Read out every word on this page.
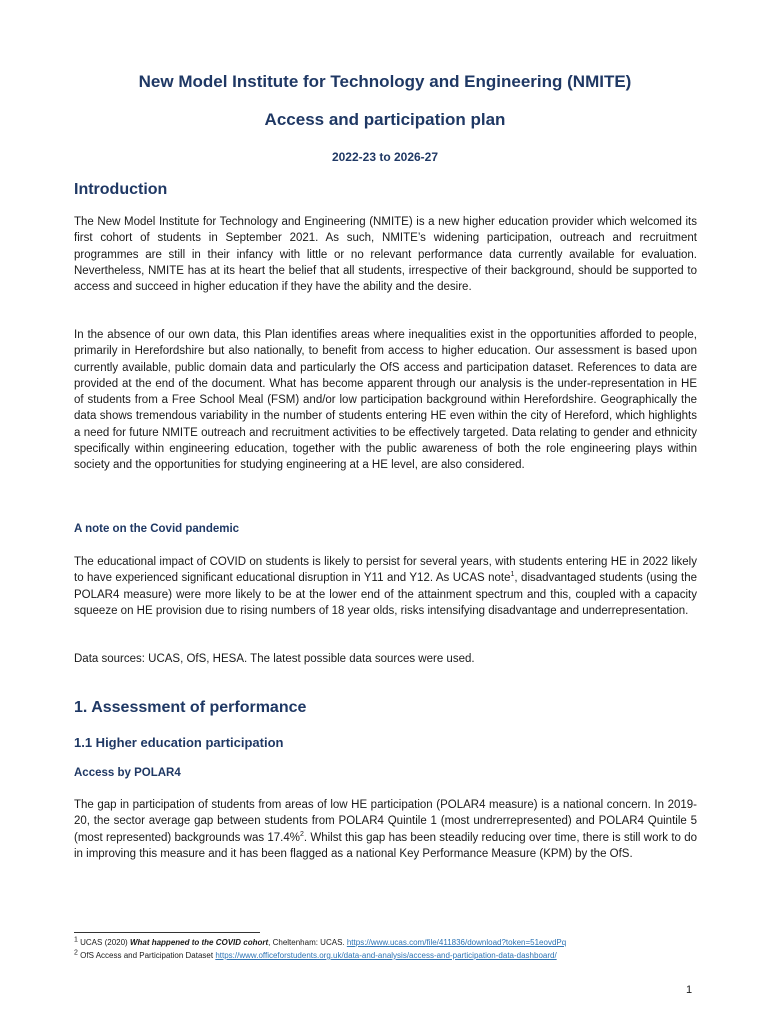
New Model Institute for Technology and Engineering (NMITE)
Access and participation plan
2022-23 to 2026-27
Introduction

The New Model Institute for Technology and Engineering (NMITE) is a new higher education provider which welcomed its first cohort of students in September 2021. As such, NMITE’s widening participation, outreach and recruitment programmes are still in their infancy with little or no relevant performance data currently available for evaluation. Nevertheless, NMITE has at its heart the belief that all students, irrespective of their background, should be supported to access and succeed in higher education if they have the ability and the desire.

In the absence of our own data, this Plan identifies areas where inequalities exist in the opportunities afforded to people, primarily in Herefordshire but also nationally, to benefit from access to higher education. Our assessment is based upon currently available, public domain data and particularly the OfS access and participation dataset. References to data are provided at the end of the document. What has become apparent through our analysis is the under-representation in HE of students from a Free School Meal (FSM) and/or low participation background within Herefordshire. Geographically the data shows tremendous variability in the number of students entering HE even within the city of Hereford, which highlights a need for future NMITE outreach and recruitment activities to be effectively targeted. Data relating to gender and ethnicity specifically within engineering education, together with the public awareness of both the role engineering plays within society and the opportunities for studying engineering at a HE level, are also considered.

A note on the Covid pandemic

The educational impact of COVID on students is likely to persist for several years, with students entering HE in 2022 likely to have experienced significant educational disruption in Y11 and Y12. As UCAS note$^1$, disadvantaged students (using the POLAR4 measure) were more likely to be at the lower end of the attainment spectrum and this, coupled with a capacity squeeze on HE provision due to rising numbers of 18 year olds, risks intensifying disadvantage and underrepresentation.

Data sources: UCAS, OfS, HESA. The latest possible data sources were used.

1. Assessment of performance
1.1 Higher education participation
Access by POLAR4

The gap in participation of students from areas of low HE participation (POLAR4 measure) is a national concern. In 2019-20, the sector average gap between students from POLAR4 Quintile 1 (most undrerrepresented) and POLAR4 Quintile 5 (most represented) backgrounds was 17.4%$^2$. Whilst this gap has been steadily reducing over time, there is still work to do in improving this measure and it has been flagged as a national Key Performance Measure (KPM) by the OfS.

$^1$ UCAS (2020) What happened to the COVID cohort, Cheltenham: UCAS. https://www.ucas.com/file/411836/download?token=51eovdPq
$^2$ OfS Access and Participation Dataset https://www.officeforstudents.org.uk/data-and-analysis/access-and-participation-data-dashboard/
1
